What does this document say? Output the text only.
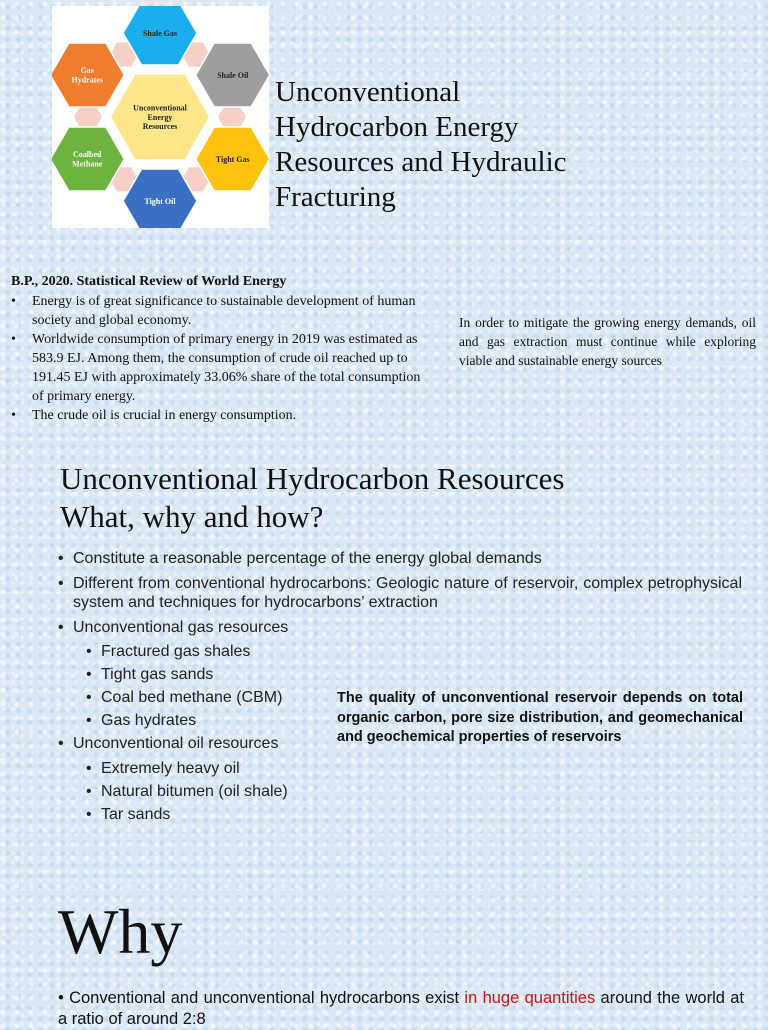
Unconventional Energy Resources
Shale Gas
Shale Oil
Tight Gas
Tight Oil
Coalbed Methane
Gas Hydrates	Unconventional
Hydrocarbon Energy
Resources and Hydraulic
Fracturing
B.P., 2020. Statistical Review of World Energy
• Energy is of great significance to sustainable development of human society and global economy.
• Worldwide consumption of primary energy in 2019 was estimated as 583.9 EJ. Among them, the consumption of crude oil reached up to 191.45 EJ with approximately 33.06% share of the total consumption of primary energy.
• The crude oil is crucial in energy consumption.
In order to mitigate the growing energy demands, oil and gas extraction must continue while exploring viable and sustainable energy sources
Unconventional Hydrocarbon Resources
What, why and how?
• Constitute a reasonable percentage of the energy global demands
• Different from conventional hydrocarbons: Geologic nature of reservoir, complex petrophysical system and techniques for hydrocarbons’ extraction
• Unconventional gas resources
• Fractured gas shales
• Tight gas sands
• Coal bed methane (CBM)
• Gas hydrates
• Unconventional oil resources
• Extremely heavy oil
• Natural bitumen (oil shale)
• Tar sands
The quality of unconventional reservoir depends on total organic carbon, pore size distribution, and geomechanical and geochemical properties of reservoirs
Why
• Conventional and unconventional hydrocarbons exist in huge quantities around the world at a ratio of around 2:8
